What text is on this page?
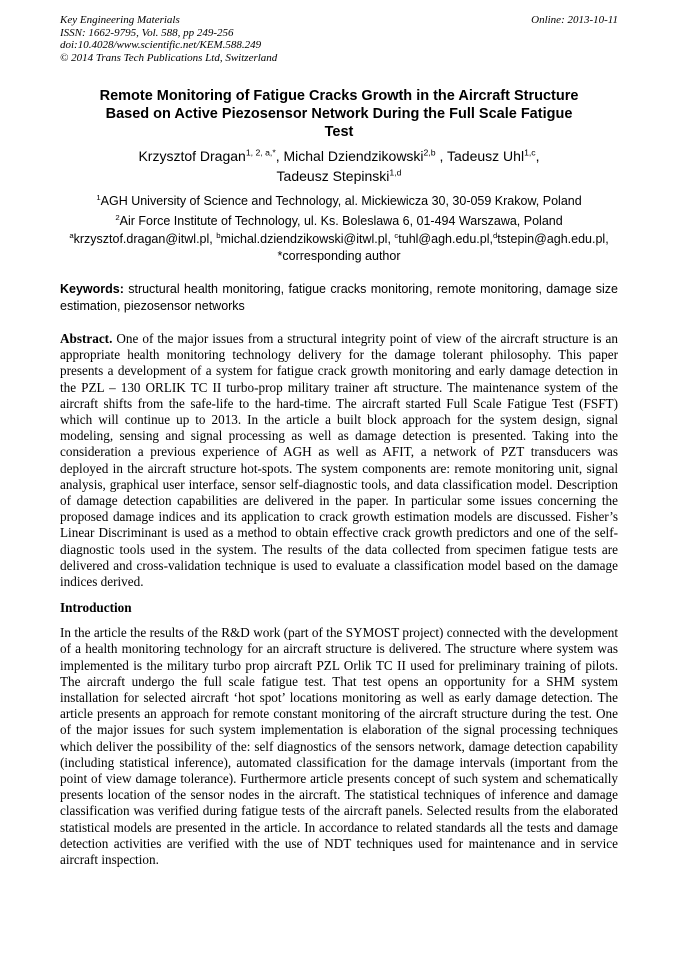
Key Engineering Materials
ISSN: 1662-9795, Vol. 588, pp 249-256
doi:10.4028/www.scientific.net/KEM.588.249
© 2014 Trans Tech Publications Ltd, Switzerland
Online: 2013-10-11
Remote Monitoring of Fatigue Cracks Growth in the Aircraft Structure
Based on Active Piezosensor Network During the Full Scale Fatigue
Test
Krzysztof Dragan$^{1, 2, a,*}$, Michal Dziendzikowski$^{2,b}$ , Tadeusz Uhl$^{1,c}$,
Tadeusz Stepinski$^{1,d}$
$^1$AGH University of Science and Technology, al. Mickiewicza 30, 30-059 Krakow, Poland
$^2$Air Force Institute of Technology, ul. Ks. Boleslawa 6, 01-494 Warszawa, Poland
$^a$krzysztof.dragan@itwl.pl, $^b$michal.dziendzikowski@itwl.pl, $^c$tuhl@agh.edu.pl,$^d$tstepin@agh.edu.pl,
*corresponding author

Keywords: structural health monitoring, fatigue cracks monitoring, remote monitoring, damage size estimation, piezosensor networks

Abstract. One of the major issues from a structural integrity point of view of the aircraft structure is an appropriate health monitoring technology delivery for the damage tolerant philosophy. This paper presents a development of a system for fatigue crack growth monitoring and early damage detection in the PZL – 130 ORLIK TC II turbo-prop military trainer aft structure. The maintenance system of the aircraft shifts from the safe-life to the hard-time. The aircraft started Full Scale Fatigue Test (FSFT) which will continue up to 2013. In the article a built block approach for the system design, signal modeling, sensing and signal processing as well as damage detection is presented. Taking into the consideration a previous experience of AGH as well as AFIT, a network of PZT transducers was deployed in the aircraft structure hot-spots. The system components are: remote monitoring unit, signal analysis, graphical user interface, sensor self-diagnostic tools, and data classification model. Description of damage detection capabilities are delivered in the paper. In particular some issues concerning the proposed damage indices and its application to crack growth estimation models are discussed. Fisher’s Linear Discriminant is used as a method to obtain effective crack growth predictors and one of the self-diagnostic tools used in the system. The results of the data collected from specimen fatigue tests are delivered and cross-validation technique is used to evaluate a classification model based on the damage indices derived.

Introduction

In the article the results of the R&D work (part of the SYMOST project) connected with the development of a health monitoring technology for an aircraft structure is delivered. The structure where system was implemented is the military turbo prop aircraft PZL Orlik TC II used for preliminary training of pilots. The aircraft undergo the full scale fatigue test. That test opens an opportunity for a SHM system installation for selected aircraft ‘hot spot’ locations monitoring as well as early damage detection. The article presents an approach for remote constant monitoring of the aircraft structure during the test. One of the major issues for such system implementation is elaboration of the signal processing techniques which deliver the possibility of the: self diagnostics of the sensors network, damage detection capability (including statistical inference), automated classification for the damage intervals (important from the point of view damage tolerance). Furthermore article presents concept of such system and schematically presents location of the sensor nodes in the aircraft. The statistical techniques of inference and damage classification was verified during fatigue tests of the aircraft panels. Selected results from the elaborated statistical models are presented in the article. In accordance to related standards all the tests and damage detection activities are verified with the use of NDT techniques used for maintenance and in service aircraft inspection.
